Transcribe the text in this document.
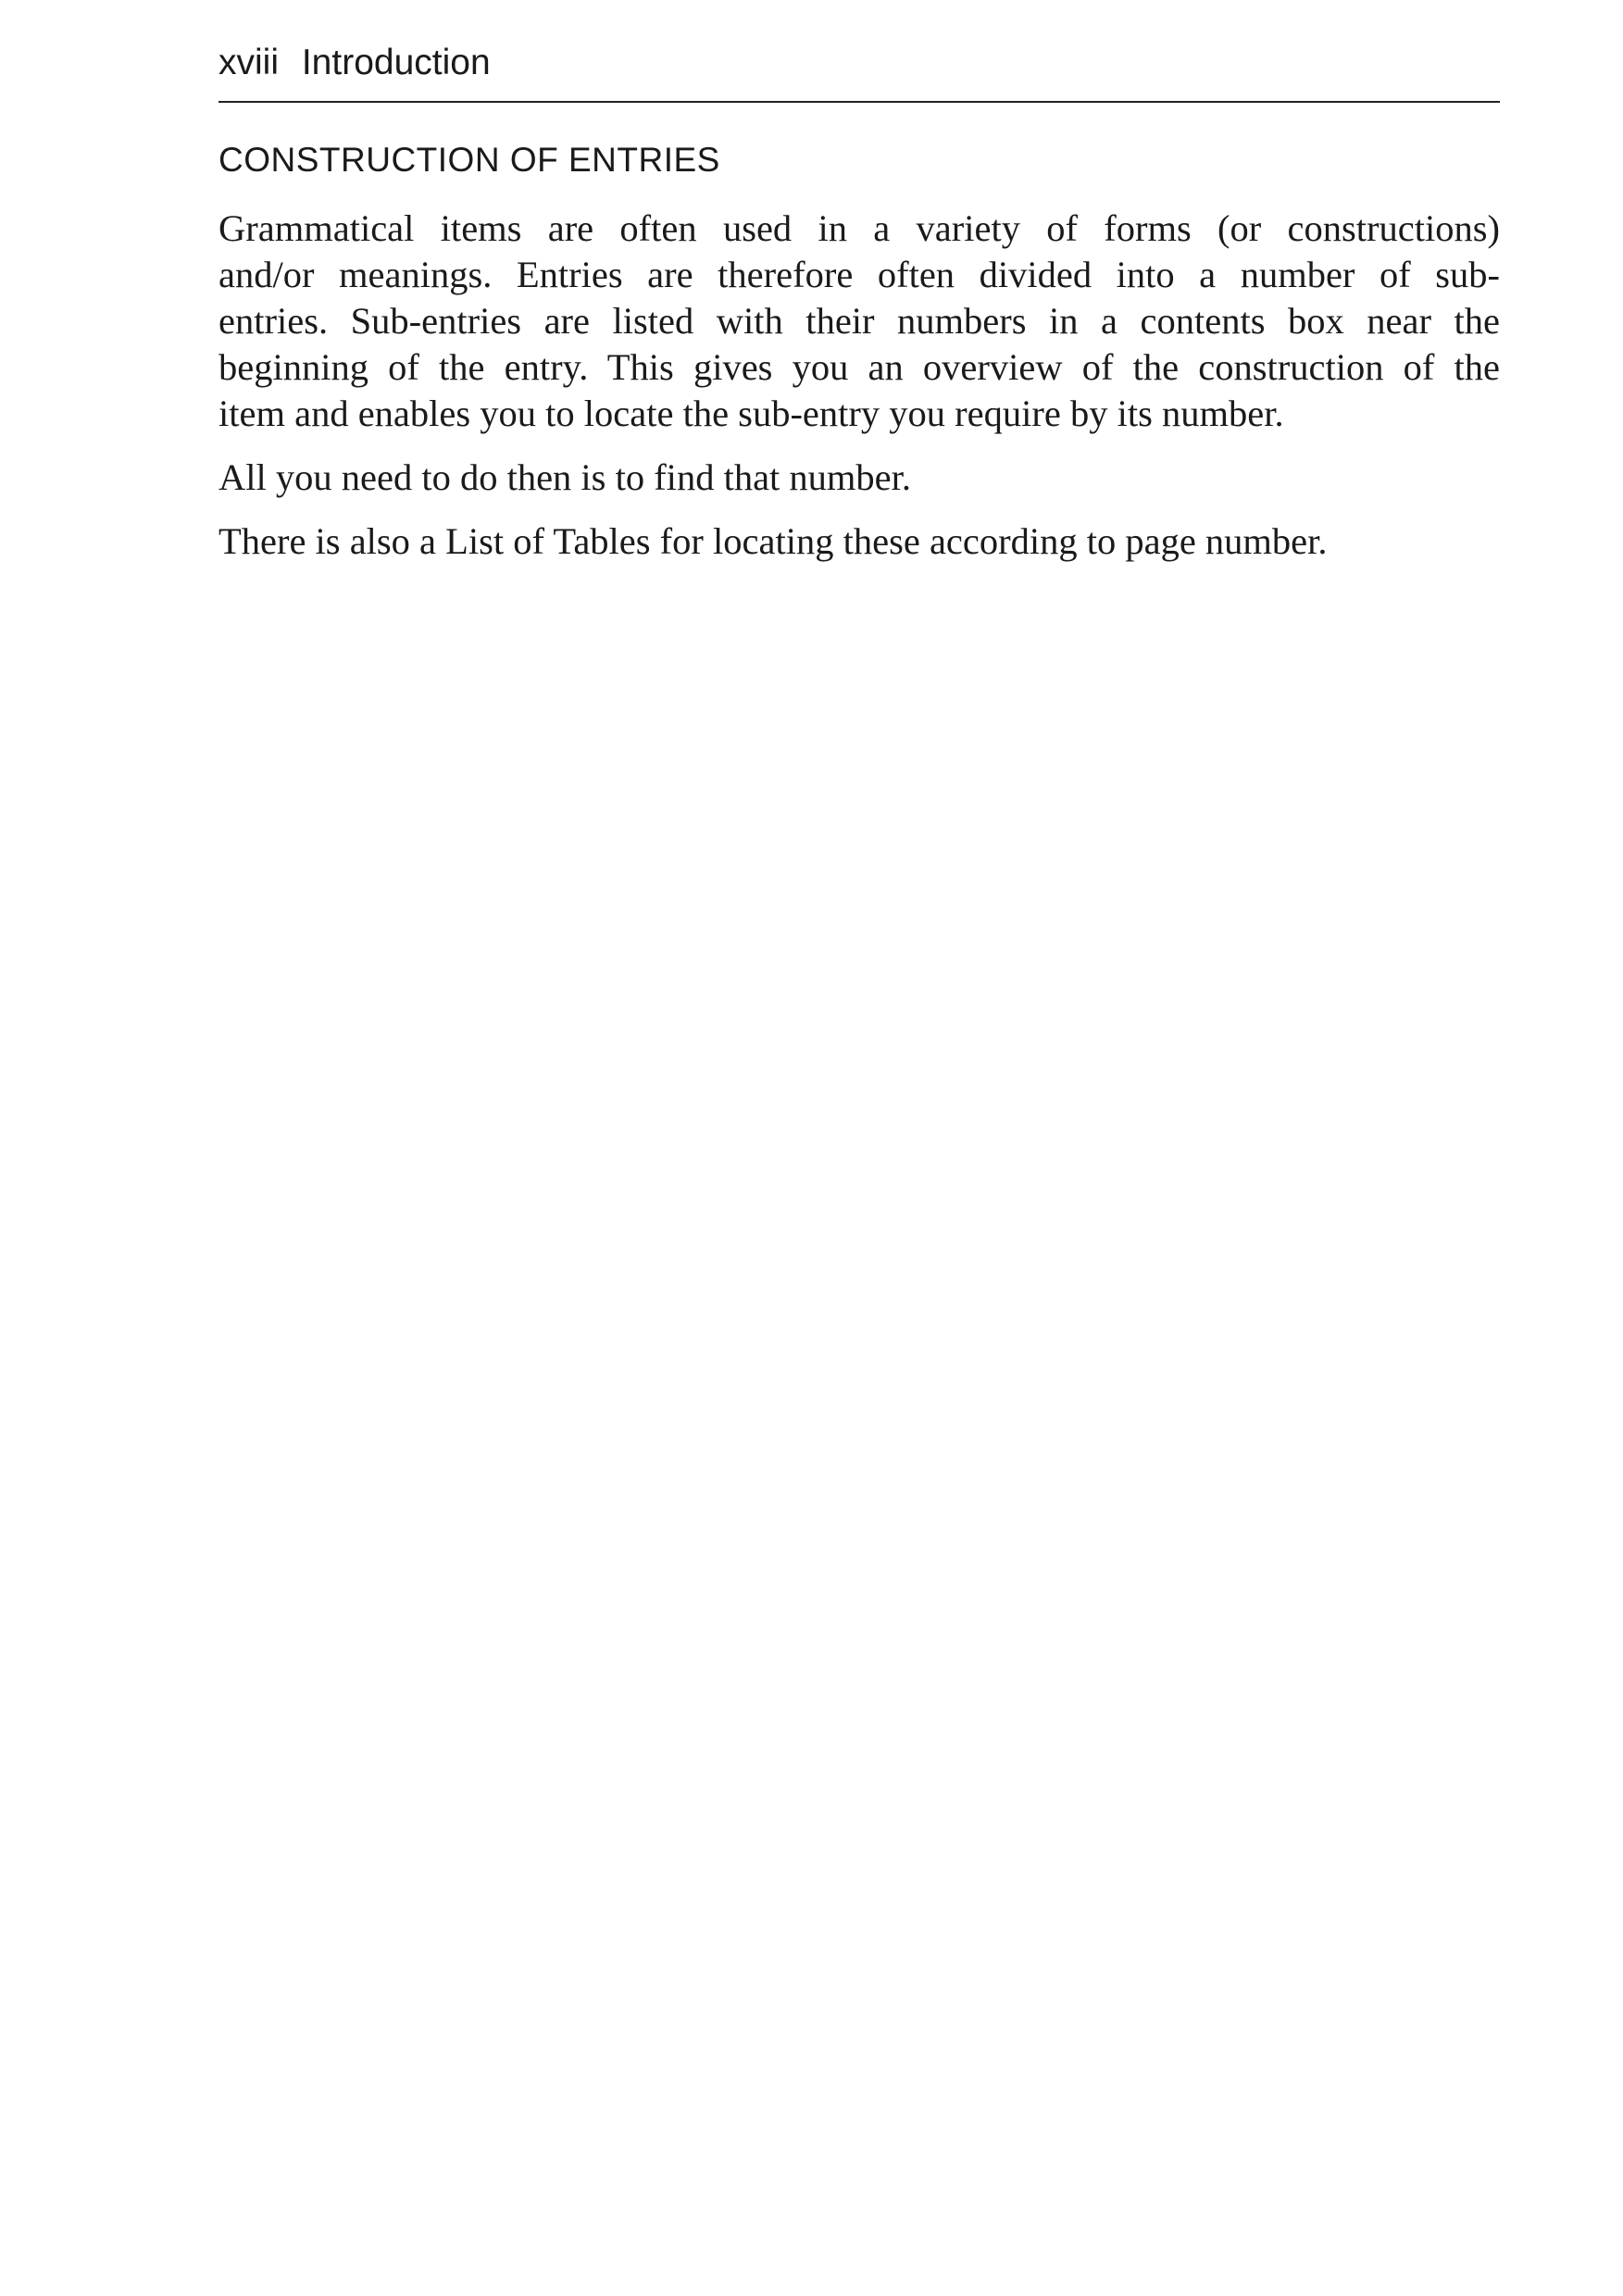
xviii Introduction
CONSTRUCTION OF ENTRIES

Grammatical items are often used in a variety of forms (or constructions)
and/or meanings. Entries are therefore often divided into a number of sub-
entries. Sub-entries are listed with their numbers in a contents box near the
beginning of the entry. This gives you an overview of the construction of the
item and enables you to locate the sub-entry you require by its number.

All you need to do then is to find that number.

There is also a List of Tables for locating these according to page number.
